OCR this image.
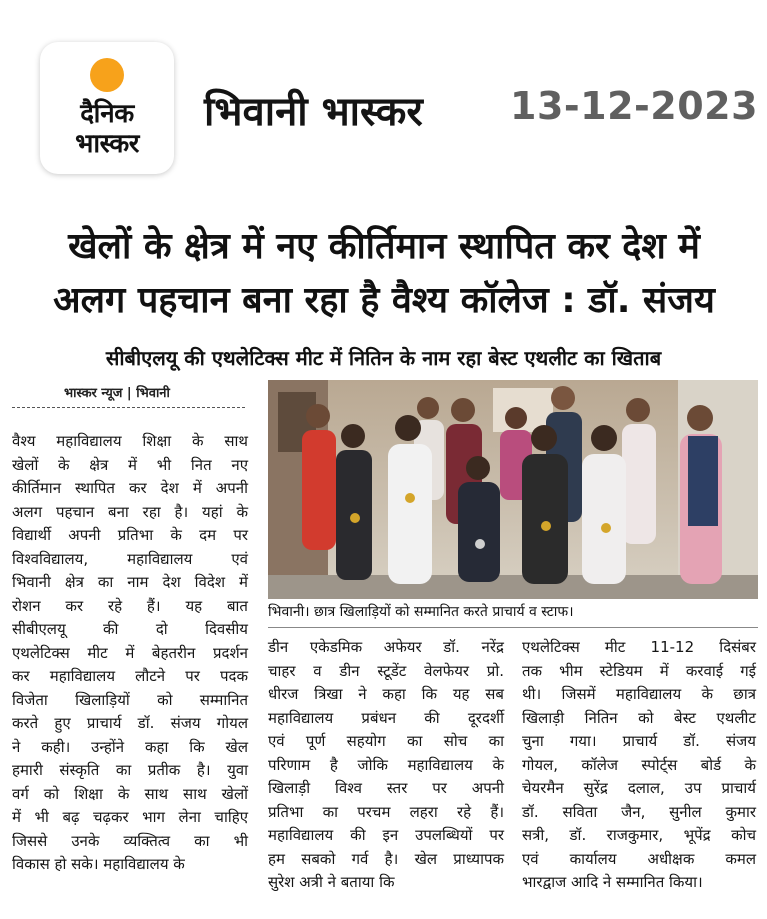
दैनिक
भास्कर
भिवानी भास्कर 13-12-2023
खेलों के क्षेत्र में नए कीर्तिमान स्थापित कर देश में
अलग पहचान बना रहा है वैश्य कॉलेज : डॉ. संजय
सीबीएलयू की एथलेटिक्स मीट में नितिन के नाम रहा बेस्ट एथलीट का खिताब
भास्कर न्यूज | भिवानी
भिवानी। छात्र खिलाड़ियों को सम्मानित करते प्राचार्य व स्टाफ।

वैश्य महाविद्यालय शिक्षा के साथ

खेलों के क्षेत्र में भी नित नए

कीर्तिमान स्थापित कर देश में अपनी

अलग पहचान बना रहा है। यहां के

विद्यार्थी अपनी प्रतिभा के दम पर

विश्वविद्यालय, महाविद्यालय एवं

भिवानी क्षेत्र का नाम देश विदेश में

रोशन कर रहे हैं। यह बात

सीबीएलयू की दो दिवसीय

एथलेटिक्स मीट में बेहतरीन प्रदर्शन

कर महाविद्यालय लौटने पर पदक

विजेता खिलाड़ियों को सम्मानित

करते हुए प्राचार्य डॉ. संजय गोयल

ने कही। उन्होंने कहा कि खेल

हमारी संस्कृति का प्रतीक है। युवा

वर्ग को शिक्षा के साथ साथ खेलों

में भी बढ़ चढ़कर भाग लेना चाहिए

जिससे उनके व्यक्तित्व का भी

विकास हो सके। महाविद्यालय के

डीन एकेडमिक अफेयर डॉ. नरेंद्र

चाहर व डीन स्टूडेंट वेलफेयर प्रो.

धीरज त्रिखा ने कहा कि यह सब

महाविद्यालय प्रबंधन की दूरदर्शी

एवं पूर्ण सहयोग का सोच का

परिणाम है जोकि महाविद्यालय के

खिलाड़ी विश्व स्तर पर अपनी

प्रतिभा का परचम लहरा रहे हैं।

महाविद्यालय की इन उपलब्धियों पर

हम सबको गर्व है। खेल प्राध्यापक

सुरेश अत्री ने बताया कि

एथलेटिक्स मीट 11-12 दिसंबर

तक भीम स्टेडियम में करवाई गई

थी। जिसमें महाविद्यालय के छात्र

खिलाड़ी नितिन को बेस्ट एथलीट

चुना गया। प्राचार्य डॉ. संजय

गोयल, कॉलेज स्पोर्ट्स बोर्ड के

चेयरमैन सुरेंद्र दलाल, उप प्राचार्य

डॉ. सविता जैन, सुनील कुमार

सत्री, डॉ. राजकुमार, भूपेंद्र कोच

एवं कार्यालय अधीक्षक कमल

भारद्वाज आदि ने सम्मानित किया।
